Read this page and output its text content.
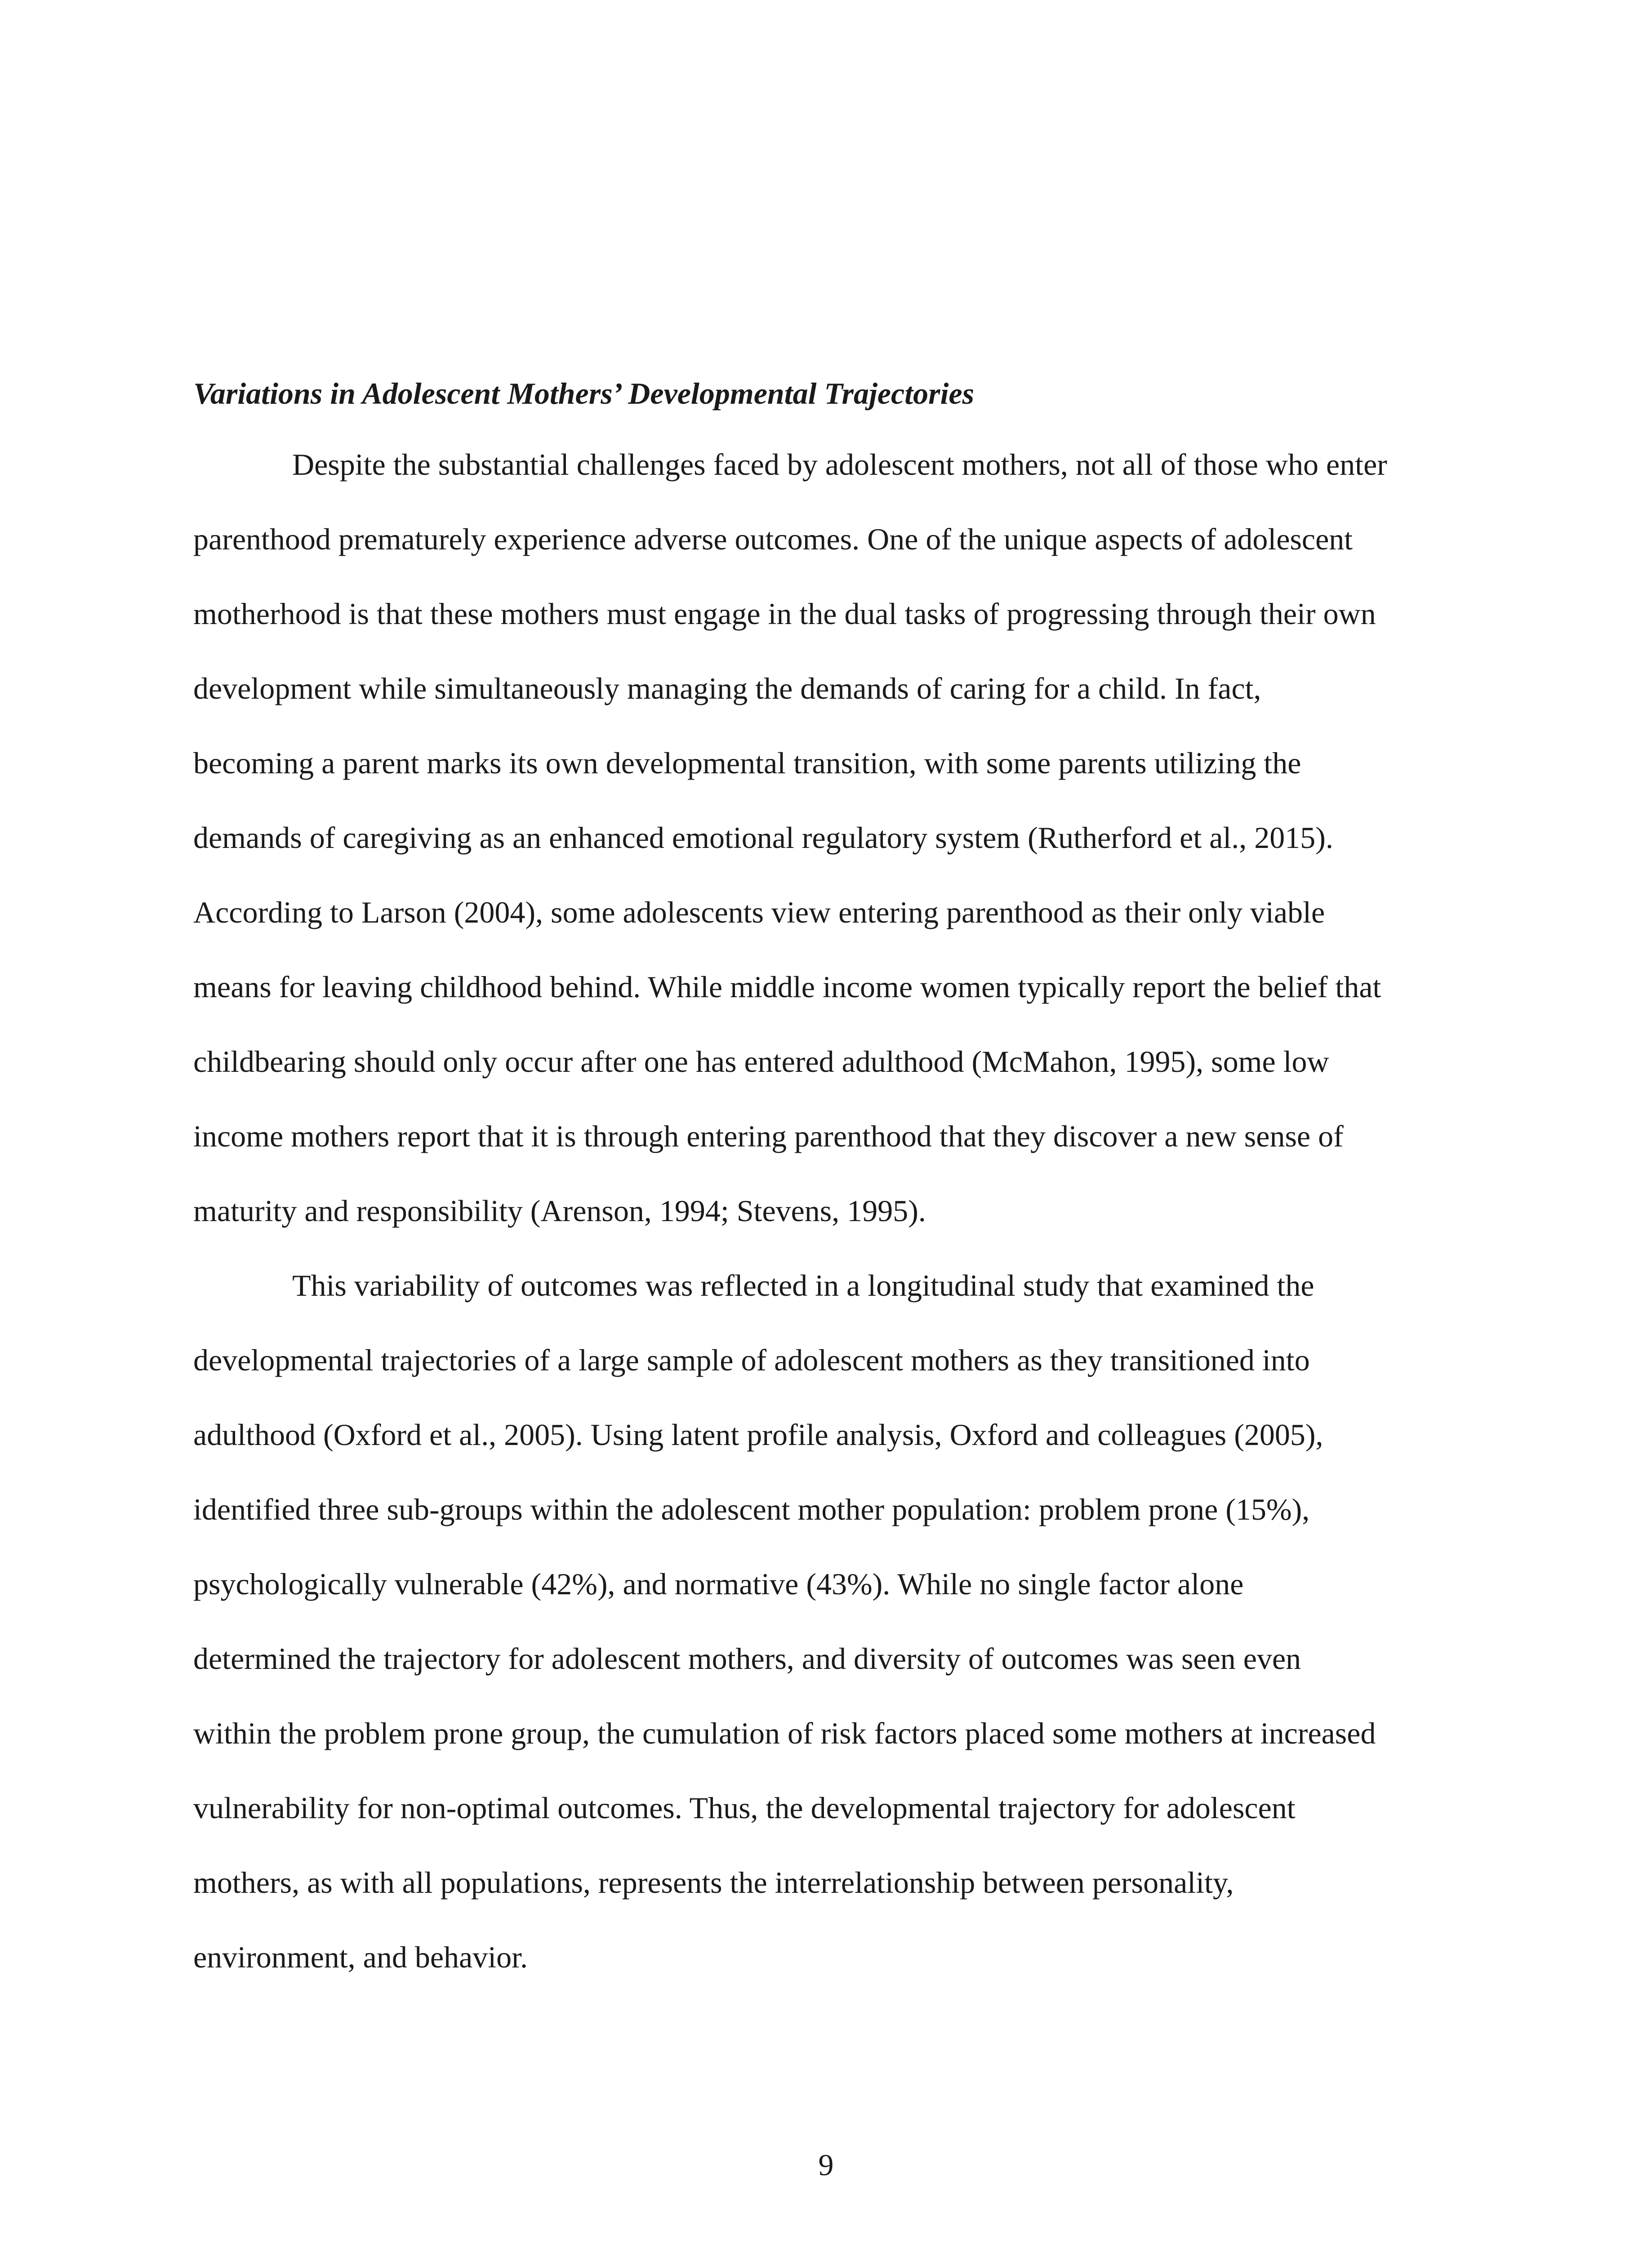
Variations in Adolescent Mothers’ Developmental Trajectories
Despite the substantial challenges faced by adolescent mothers, not all of those who enter
parenthood prematurely experience adverse outcomes. One of the unique aspects of adolescent
motherhood is that these mothers must engage in the dual tasks of progressing through their own
development while simultaneously managing the demands of caring for a child. In fact,
becoming a parent marks its own developmental transition, with some parents utilizing the
demands of caregiving as an enhanced emotional regulatory system (Rutherford et al., 2015).
According to Larson (2004), some adolescents view entering parenthood as their only viable
means for leaving childhood behind. While middle income women typically report the belief that
childbearing should only occur after one has entered adulthood (McMahon, 1995), some low
income mothers report that it is through entering parenthood that they discover a new sense of
maturity and responsibility (Arenson, 1994; Stevens, 1995).
This variability of outcomes was reflected in a longitudinal study that examined the
developmental trajectories of a large sample of adolescent mothers as they transitioned into
adulthood (Oxford et al., 2005). Using latent profile analysis, Oxford and colleagues (2005),
identified three sub-groups within the adolescent mother population: problem prone (15%),
psychologically vulnerable (42%), and normative (43%). While no single factor alone
determined the trajectory for adolescent mothers, and diversity of outcomes was seen even
within the problem prone group, the cumulation of risk factors placed some mothers at increased
vulnerability for non-optimal outcomes. Thus, the developmental trajectory for adolescent
mothers, as with all populations, represents the interrelationship between personality,
environment, and behavior.
9
